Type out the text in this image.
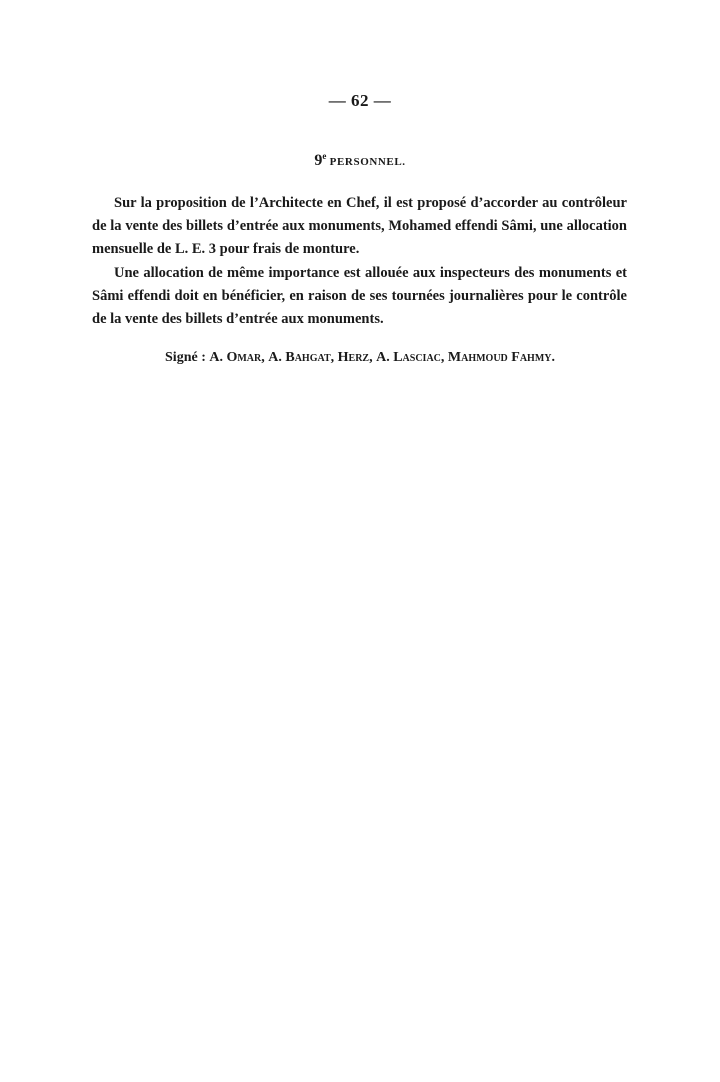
— 62 —
9e PERSONNEL.

Sur la proposition de l’Architecte en Chef, il est proposé d’accorder au contrôleur de la vente des billets d’entrée aux monuments, Mohamed effendi Sâmi, une allocation mensuelle de L. E. 3 pour frais de monture.

Une allocation de même importance est allouée aux inspecteurs des monuments et Sâmi effendi doit en bénéficier, en raison de ses tournées journalières pour le contrôle de la vente des billets d’entrée aux monuments.

Signé : A. Omar, A. Bahgat, Herz, A. Lasciac, Mahmoud Fahmy.
